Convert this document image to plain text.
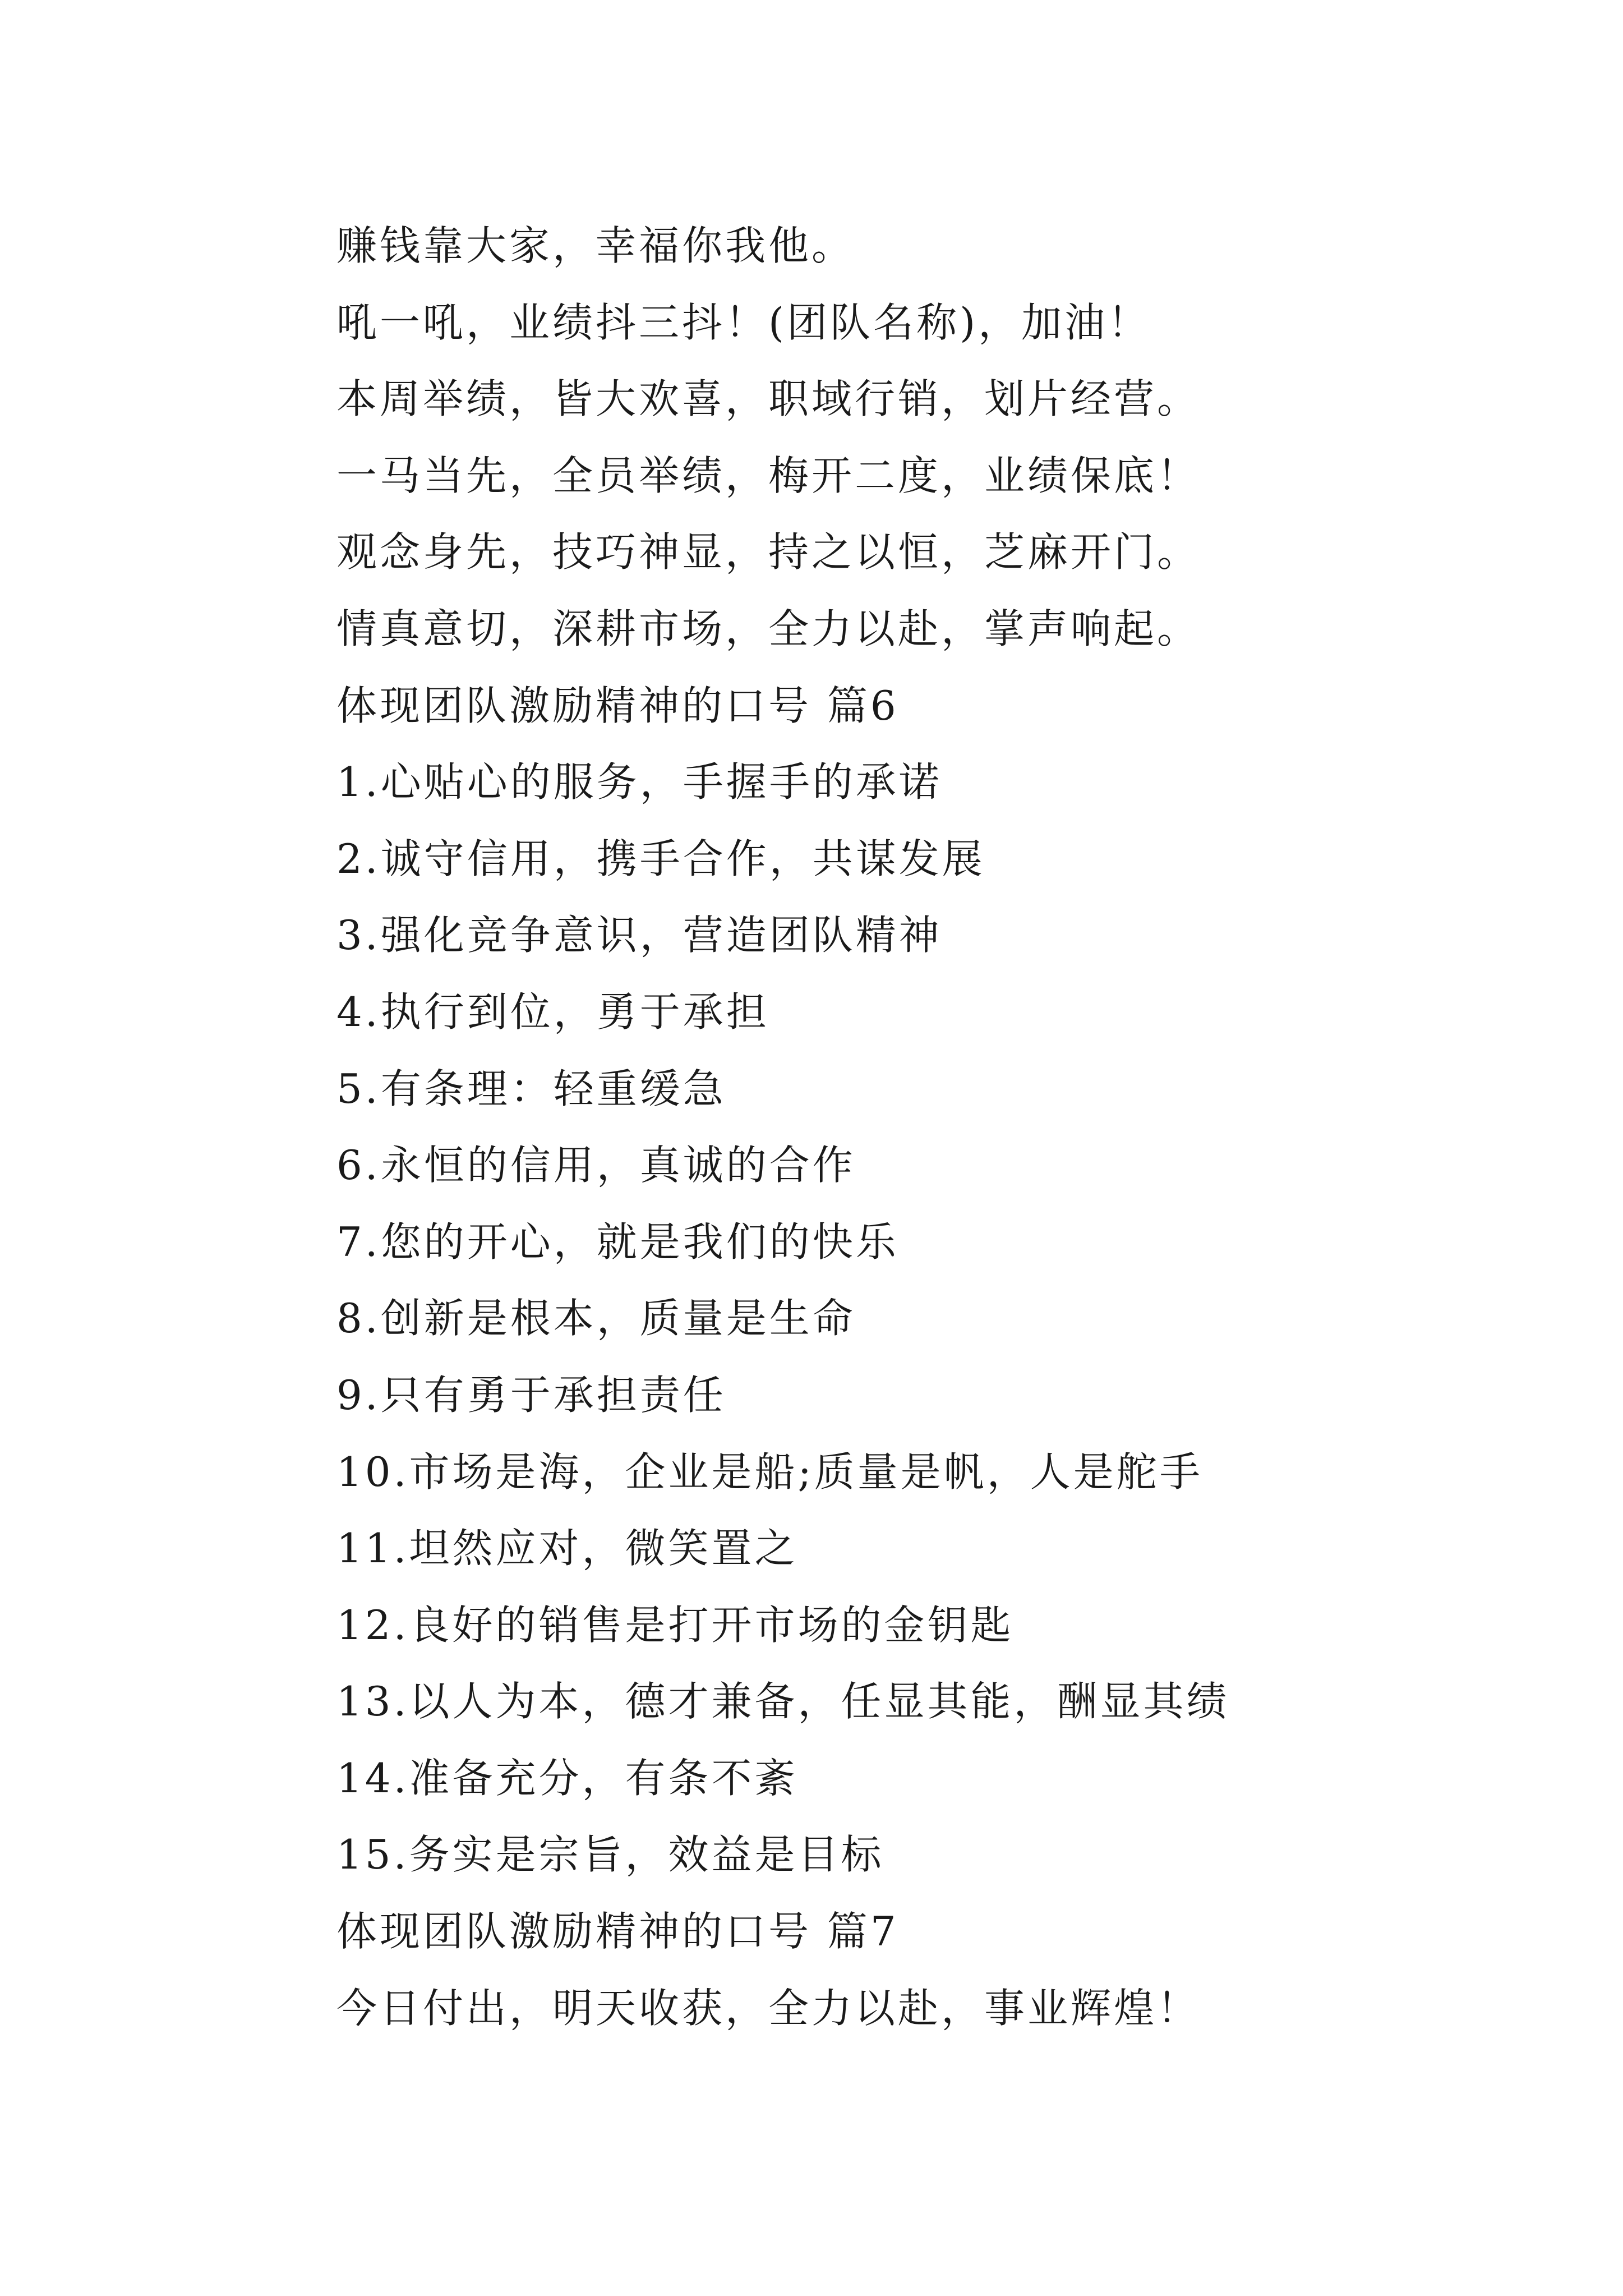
赚钱靠大家，幸福你我他。
吼一吼，业绩抖三抖！(团队名称)，加油！
本周举绩，皆大欢喜，职域行销，划片经营。
一马当先，全员举绩，梅开二度，业绩保底！
观念身先，技巧神显，持之以恒，芝麻开门。
情真意切，深耕市场，全力以赴，掌声响起。
体现团队激励精神的口号 篇6
1.心贴心的服务，手握手的承诺
2.诚守信用，携手合作，共谋发展
3.强化竞争意识，营造团队精神
4.执行到位，勇于承担
5.有条理：轻重缓急
6.永恒的信用，真诚的合作
7.您的开心，就是我们的快乐
8.创新是根本，质量是生命
9.只有勇于承担责任
10.市场是海，企业是船;质量是帆，人是舵手
11.坦然应对，微笑置之
12.良好的销售是打开市场的金钥匙
13.以人为本，德才兼备，任显其能，酬显其绩
14.准备充分，有条不紊
15.务实是宗旨，效益是目标
体现团队激励精神的口号 篇7
今日付出，明天收获，全力以赴，事业辉煌！
